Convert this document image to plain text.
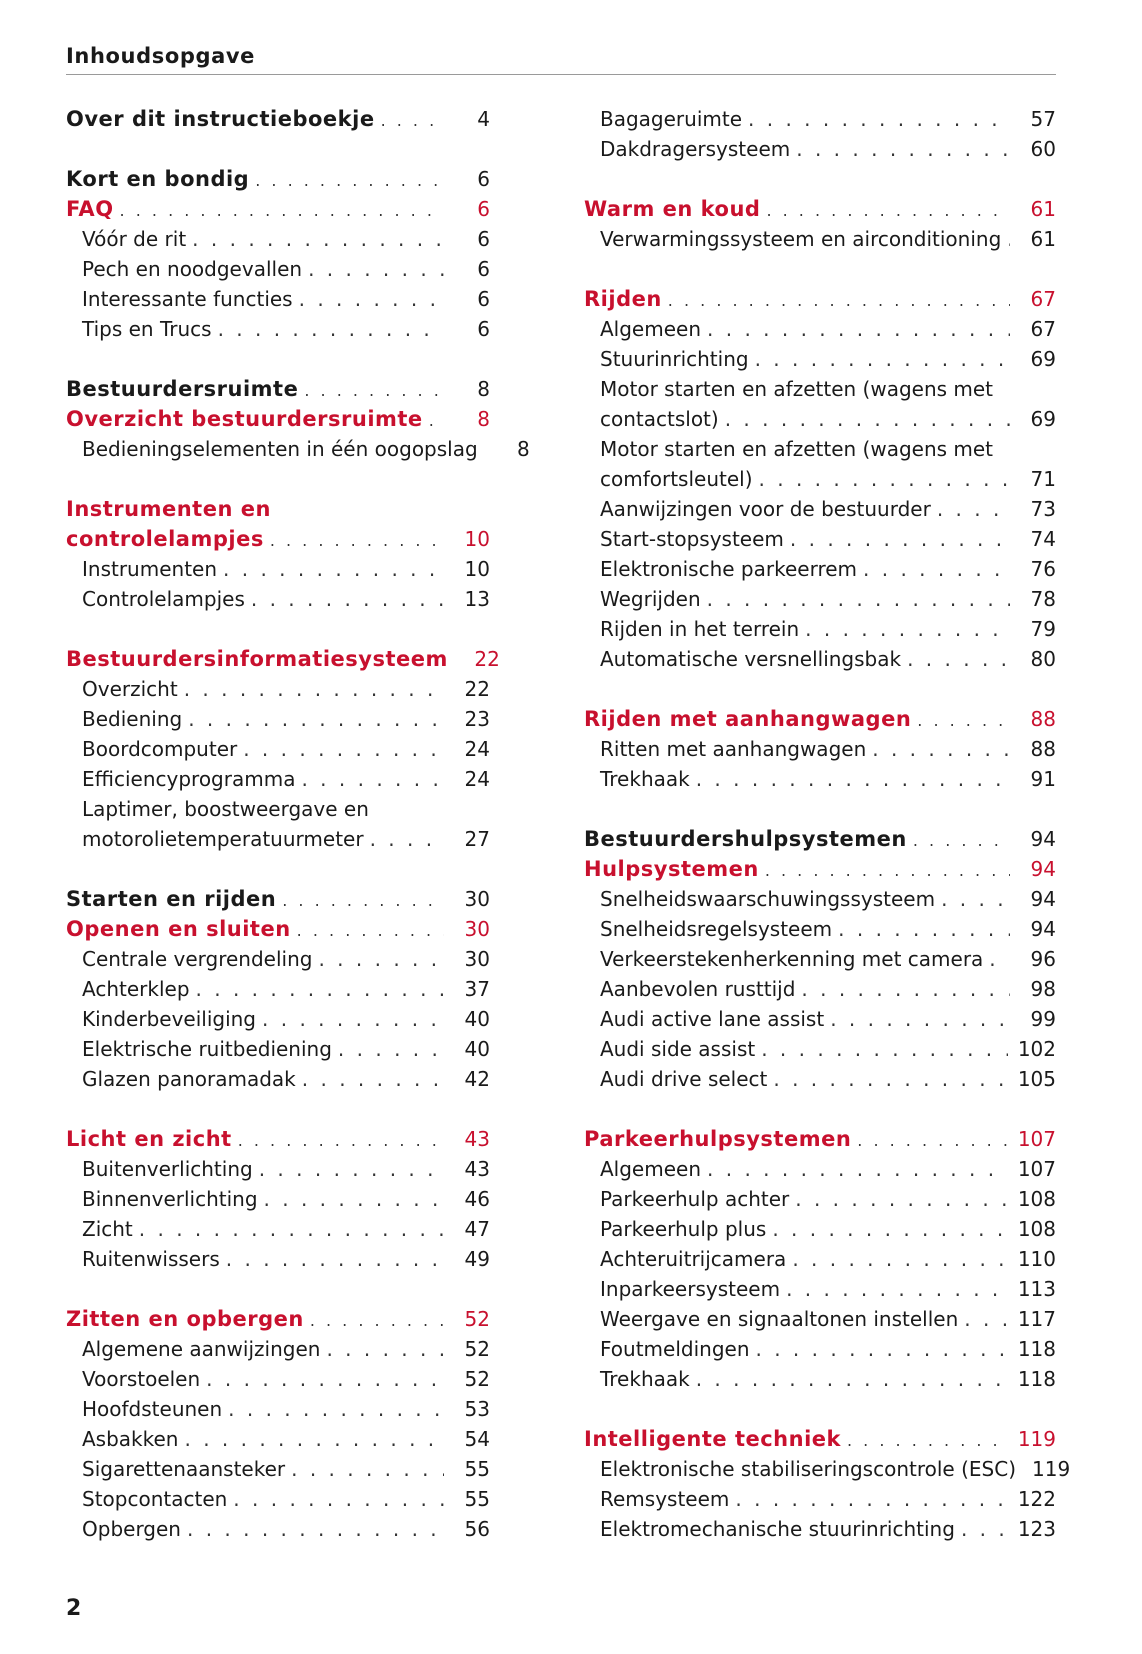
Inhoudsopgave
Over dit instructieboekje . . .	4
Kort en bondig . . .	6
FAQ . . .	6
Vóór de rit . . .	6
Pech en noodgevallen . . .	6
Interessante functies . . .	6
Tips en Trucs . . .	6
Bestuurdersruimte . . .	8
Overzicht bestuurdersruimte . . .	8
Bedieningselementen in één oogopslag	8
Instrumenten en
controlelampjes . . .	10
Instrumenten . . .	10
Controlelampjes . . .	13
Bestuurdersinformatiesysteem	22
Overzicht . . .	22
Bediening . . .	23
Boordcomputer . . .	24
Efficiencyprogramma . . .	24
Laptimer, boostweergave en
motorolietemperatuurmeter . . .	27
Starten en rijden . . .	30
Openen en sluiten . . .	30
Centrale vergrendeling . . .	30
Achterklep . . .	37
Kinderbeveiliging . . .	40
Elektrische ruitbediening . . .	40
Glazen panoramadak . . .	42
Licht en zicht . . .	43
Buitenverlichting . . .	43
Binnenverlichting . . .	46
Zicht . . .	47
Ruitenwissers . . .	49
Zitten en opbergen . . .	52
Algemene aanwijzingen . . .	52
Voorstoelen . . .	52
Hoofdsteunen . . .	53
Asbakken . . .	54
Sigarettenaansteker . . .	55
Stopcontacten . . .	55
Opbergen . . .	56
Bagageruimte . . .	57
Dakdragersysteem . . .	60
Warm en koud . . .	61
Verwarmingssysteem en airconditioning . . .	61
Rijden . . .	67
Algemeen . . .	67
Stuurinrichting . . .	69
Motor starten en afzetten (wagens met
contactslot) . . .	69
Motor starten en afzetten (wagens met
comfortsleutel) . . .	71
Aanwijzingen voor de bestuurder . . .	73
Start-stopsysteem . . .	74
Elektronische parkeerrem . . .	76
Wegrijden . . .	78
Rijden in het terrein . . .	79
Automatische versnellingsbak . . .	80
Rijden met aanhangwagen . . .	88
Ritten met aanhangwagen . . .	88
Trekhaak . . .	91
Bestuurdershulpsystemen . . .	94
Hulpsystemen . . .	94
Snelheidswaarschuwingssysteem . . .	94
Snelheidsregelsysteem . . .	94
Verkeerstekenherkenning met camera . . .	96
Aanbevolen rusttijd . . .	98
Audi active lane assist . . .	99
Audi side assist . . .	102
Audi drive select . . .	105
Parkeerhulpsystemen . . .	107
Algemeen . . .	107
Parkeerhulp achter . . .	108
Parkeerhulp plus . . .	108
Achteruitrijcamera . . .	110
Inparkeersysteem . . .	113
Weergave en signaaltonen instellen . . .	117
Foutmeldingen . . .	118
Trekhaak . . .	118
Intelligente techniek . . .	119
Elektronische stabiliseringscontrole (ESC) 119
Remsysteem . . .	122
Elektromechanische stuurinrichting . . .	123
2
